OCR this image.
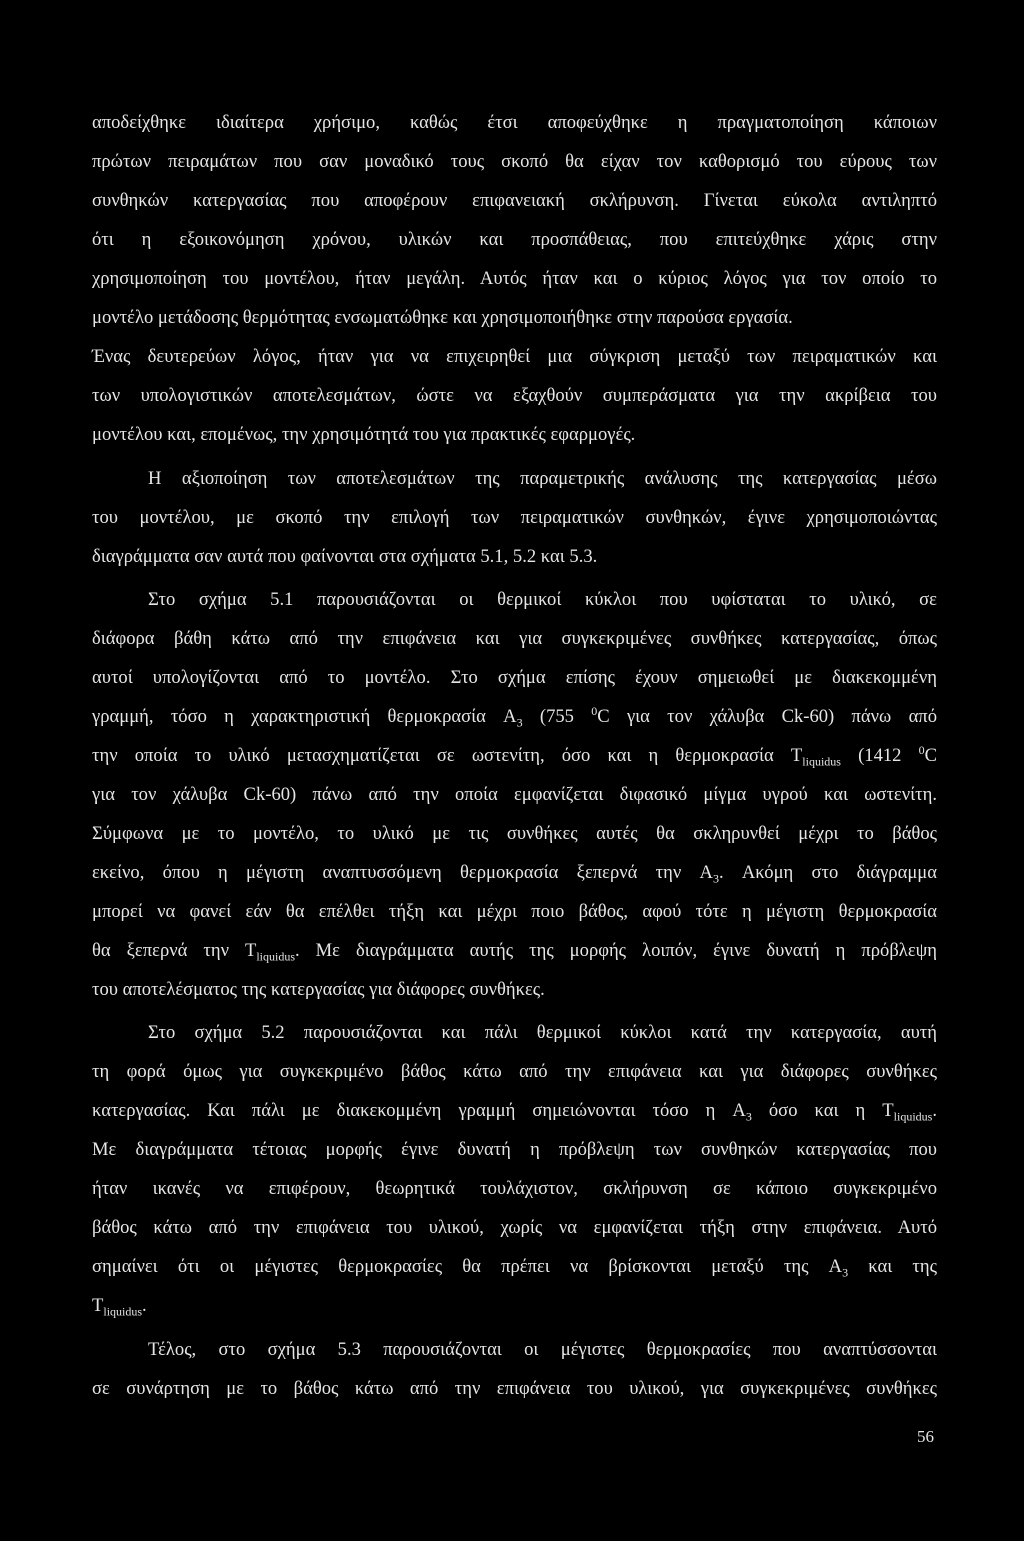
αποδείχθηκε ιδιαίτερα χρήσιμο, καθώς έτσι αποφεύχθηκε η πραγματοποίηση κάποιων
πρώτων πειραμάτων που σαν μοναδικό τους σκοπό θα είχαν τον καθορισμό του εύρους των
συνθηκών κατεργασίας που αποφέρουν επιφανειακή σκλήρυνση. Γίνεται εύκολα αντιληπτό
ότι η εξοικονόμηση χρόνου, υλικών και προσπάθειας, που επιτεύχθηκε χάρις στην
χρησιμοποίηση του μοντέλου, ήταν μεγάλη. Αυτός ήταν και ο κύριος λόγος για τον οποίο το
μοντέλο μετάδοσης θερμότητας ενσωματώθηκε και χρησιμοποιήθηκε στην παρούσα εργασία.
Ένας δευτερεύων λόγος, ήταν για να επιχειρηθεί μια σύγκριση μεταξύ των πειραματικών και
των υπολογιστικών αποτελεσμάτων, ώστε να εξαχθούν συμπεράσματα για την ακρίβεια του
μοντέλου και, επομένως, την χρησιμότητά του για πρακτικές εφαρμογές.
Η αξιοποίηση των αποτελεσμάτων της παραμετρικής ανάλυσης της κατεργασίας μέσω
του μοντέλου, με σκοπό την επιλογή των πειραματικών συνθηκών, έγινε χρησιμοποιώντας
διαγράμματα σαν αυτά που φαίνονται στα σχήματα 5.1, 5.2 και 5.3.
Στο σχήμα 5.1 παρουσιάζονται οι θερμικοί κύκλοι που υφίσταται το υλικό, σε
διάφορα βάθη κάτω από την επιφάνεια και για συγκεκριμένες συνθήκες κατεργασίας, όπως
αυτοί υπολογίζονται από το μοντέλο. Στο σχήμα επίσης έχουν σημειωθεί με διακεκομμένη
γραμμή, τόσο η χαρακτηριστική θερμοκρασία $A_3$ (755 $^0$C για τον χάλυβα Ck-60) πάνω από
την οποία το υλικό μετασχηματίζεται σε ωστενίτη, όσο και η θερμοκρασία $T_{liquidus}$ (1412 $^0$C
για τον χάλυβα Ck-60) πάνω από την οποία εμφανίζεται διφασικό μίγμα υγρού και ωστενίτη.
Σύμφωνα με το μοντέλο, το υλικό με τις συνθήκες αυτές θα σκληρυνθεί μέχρι το βάθος
εκείνο, όπου η μέγιστη αναπτυσσόμενη θερμοκρασία ξεπερνά την $A_3$. Ακόμη στο διάγραμμα
μπορεί να φανεί εάν θα επέλθει τήξη και μέχρι ποιο βάθος, αφού τότε η μέγιστη θερμοκρασία
θα ξεπερνά την $T_{liquidus}$. Με διαγράμματα αυτής της μορφής λοιπόν, έγινε δυνατή η πρόβλεψη
του αποτελέσματος της κατεργασίας για διάφορες συνθήκες.
Στο σχήμα 5.2 παρουσιάζονται και πάλι θερμικοί κύκλοι κατά την κατεργασία, αυτή
τη φορά όμως για συγκεκριμένο βάθος κάτω από την επιφάνεια και για διάφορες συνθήκες
κατεργασίας. Και πάλι με διακεκομμένη γραμμή σημειώνονται τόσο η $A_3$ όσο και η $T_{liquidus}$.
Με διαγράμματα τέτοιας μορφής έγινε δυνατή η πρόβλεψη των συνθηκών κατεργασίας που
ήταν ικανές να επιφέρουν, θεωρητικά τουλάχιστον, σκλήρυνση σε κάποιο συγκεκριμένο
βάθος κάτω από την επιφάνεια του υλικού, χωρίς να εμφανίζεται τήξη στην επιφάνεια. Αυτό
σημαίνει ότι οι μέγιστες θερμοκρασίες θα πρέπει να βρίσκονται μεταξύ της $A_3$ και της
$T_{liquidus}$.
Τέλος, στο σχήμα 5.3 παρουσιάζονται οι μέγιστες θερμοκρασίες που αναπτύσσονται
σε συνάρτηση με το βάθος κάτω από την επιφάνεια του υλικού, για συγκεκριμένες συνθήκες
56
